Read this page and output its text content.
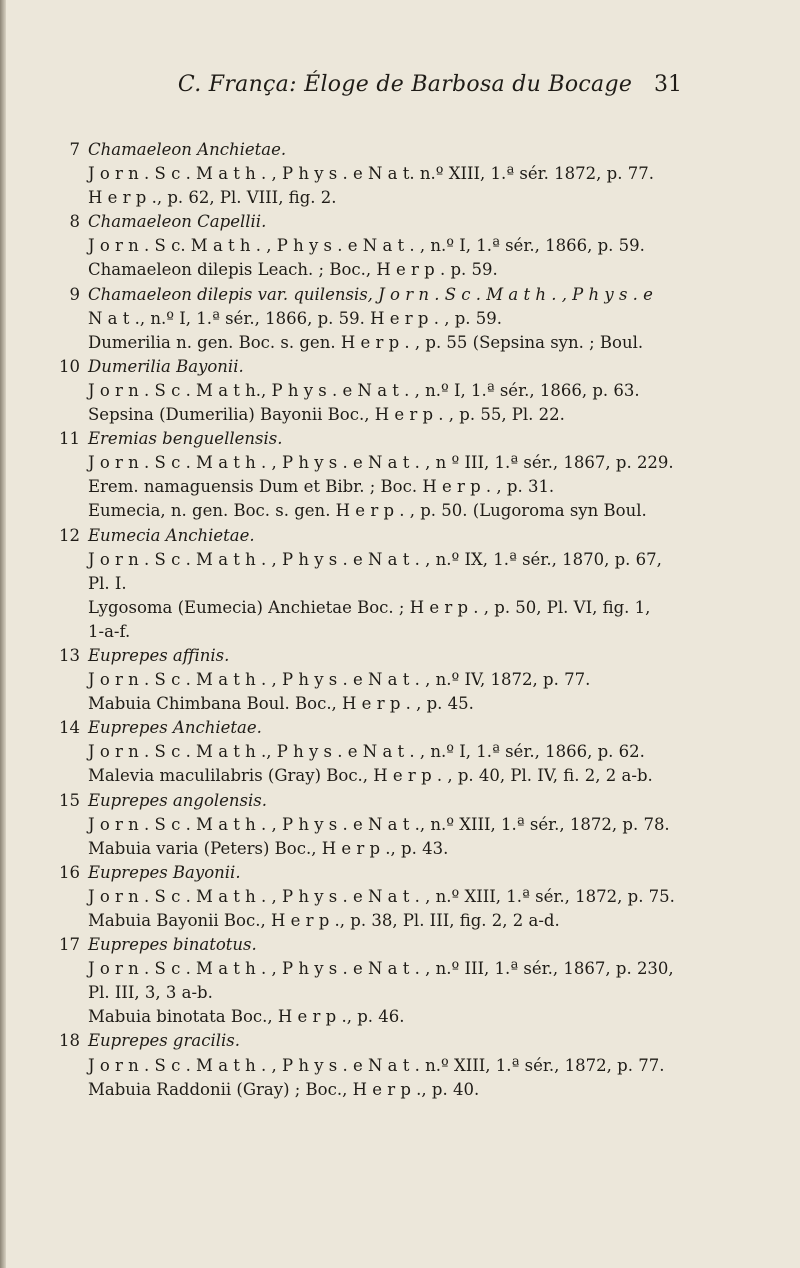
C. França: Éloge de Barbosa du Bocage 31
7 Chamaeleon Anchietae.
J o r n . S c . M a t h . , P h y s . e N a t. n.º XIII, 1.ª sér. 1872, p. 77.
H e r p ., p. 62, Pl. VIII, fig. 2.
8 Chamaeleon Capellii.
J o r n . S c. M a t h . , P h y s . e N a t . , n.º I, 1.ª sér., 1866, p. 59.
Chamaeleon dilepis Leach. ; Boc., H e r p . p. 59.
9 Chamaeleon dilepis var. quilensis, J o r n . S c . M a t h . , P h y s . e
N a t ., n.º I, 1.ª sér., 1866, p. 59. H e r p . , p. 59.
Dumerilia n. gen. Boc. s. gen. H e r p . , p. 55 (Sepsina syn. ; Boul.
10 Dumerilia Bayonii.
J o r n . S c . M a t h., P h y s . e N a t . , n.º I, 1.ª sér., 1866, p. 63.
Sepsina (Dumerilia) Bayonii Boc., H e r p . , p. 55, Pl. 22.
11 Eremias benguellensis.
J o r n . S c . M a t h . , P h y s . e N a t . , n º III, 1.ª sér., 1867, p. 229.
Erem. namaguensis Dum et Bibr. ; Boc. H e r p . , p. 31.
Eumecia, n. gen. Boc. s. gen. H e r p . , p. 50. (Lugoroma syn Boul.
12 Eumecia Anchietae.
J o r n . S c . M a t h . , P h y s . e N a t . , n.º IX, 1.ª sér., 1870, p. 67,
Pl. I.
Lygosoma (Eumecia) Anchietae Boc. ; H e r p . , p. 50, Pl. VI, fig. 1,
1-a-f.
13 Euprepes affinis.
J o r n . S c . M a t h . , P h y s . e N a t . , n.º IV, 1872, p. 77.
Mabuia Chimbana Boul. Boc., H e r p . , p. 45.
14 Euprepes Anchietae.
J o r n . S c . M a t h ., P h y s . e N a t . , n.º I, 1.ª sér., 1866, p. 62.
Malevia maculilabris (Gray) Boc., H e r p . , p. 40, Pl. IV, fi. 2, 2 a-b.
15 Euprepes angolensis.
J o r n . S c . M a t h . , P h y s . e N a t ., n.º XIII, 1.ª sér., 1872, p. 78.
Mabuia varia (Peters) Boc., H e r p ., p. 43.
16 Euprepes Bayonii.
J o r n . S c . M a t h . , P h y s . e N a t . , n.º XIII, 1.ª sér., 1872, p. 75.
Mabuia Bayonii Boc., H e r p ., p. 38, Pl. III, fig. 2, 2 a-d.
17 Euprepes binatotus.
J o r n . S c . M a t h . , P h y s . e N a t . , n.º III, 1.ª sér., 1867, p. 230,
Pl. III, 3, 3 a-b.
Mabuia binotata Boc., H e r p ., p. 46.
18 Euprepes gracilis.
J o r n . S c . M a t h . , P h y s . e N a t . n.º XIII, 1.ª sér., 1872, p. 77.
Mabuia Raddonii (Gray) ; Boc., H e r p ., p. 40.
